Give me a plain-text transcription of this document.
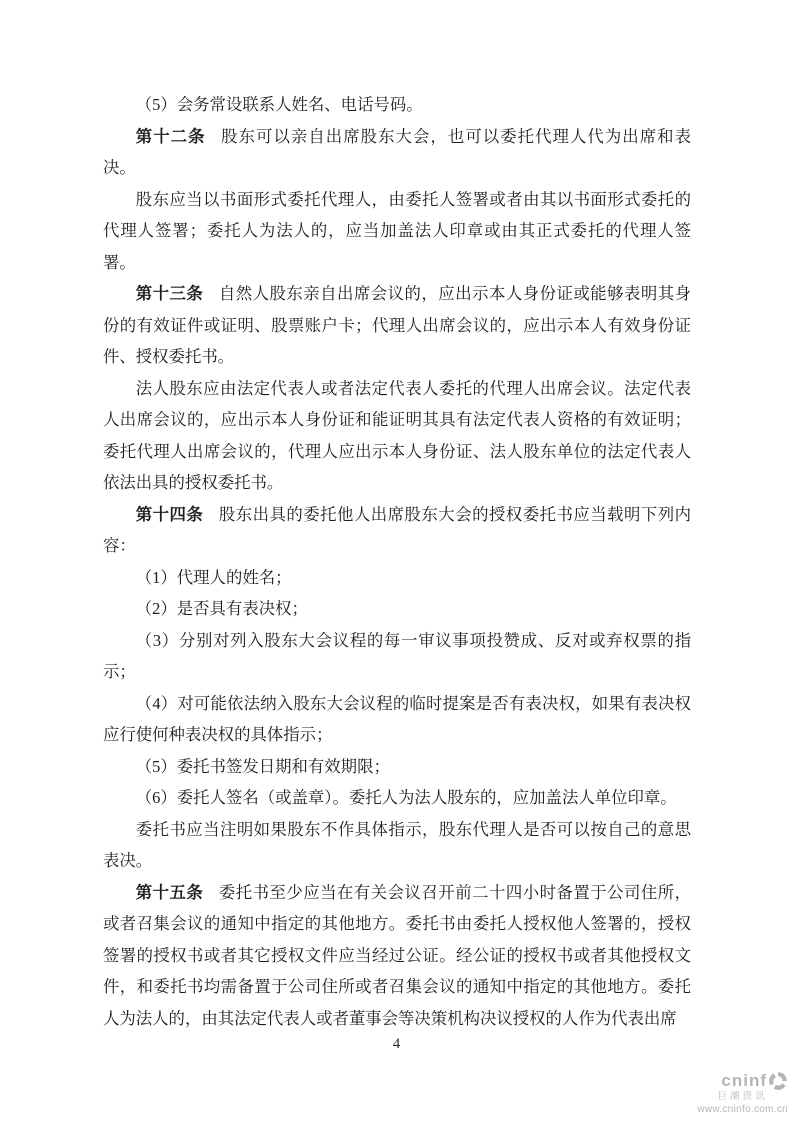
（5）会务常设联系人姓名、电话号码。

第十二条 股东可以亲自出席股东大会，也可以委托代理人代为出席和表决。

股东应当以书面形式委托代理人，由委托人签署或者由其以书面形式委托的代理人签署；委托人为法人的，应当加盖法人印章或由其正式委托的代理人签署。

第十三条 自然人股东亲自出席会议的，应出示本人身份证或能够表明其身份的有效证件或证明、股票账户卡；代理人出席会议的，应出示本人有效身份证件、授权委托书。

法人股东应由法定代表人或者法定代表人委托的代理人出席会议。法定代表人出席会议的，应出示本人身份证和能证明其具有法定代表人资格的有效证明；委托代理人出席会议的，代理人应出示本人身份证、法人股东单位的法定代表人依法出具的授权委托书。

第十四条 股东出具的委托他人出席股东大会的授权委托书应当载明下列内容：

（1）代理人的姓名；

（2）是否具有表决权；

（3）分别对列入股东大会议程的每一审议事项投赞成、反对或弃权票的指示；

（4）对可能依法纳入股东大会议程的临时提案是否有表决权，如果有表决权应行使何种表决权的具体指示；

（5）委托书签发日期和有效期限；

（6）委托人签名（或盖章）。委托人为法人股东的，应加盖法人单位印章。

委托书应当注明如果股东不作具体指示，股东代理人是否可以按自己的意思表决。

第十五条 委托书至少应当在有关会议召开前二十四小时备置于公司住所，或者召集会议的通知中指定的其他地方。委托书由委托人授权他人签署的，授权签署的授权书或者其它授权文件应当经过公证。经公证的授权书或者其他授权文件，和委托书均需备置于公司住所或者召集会议的通知中指定的其他地方。委托人为法人的，由其法定代表人或者董事会等决策机构决议授权的人作为代表出席

4
cninf
巨潮资讯
www.cninfo.com.cn
